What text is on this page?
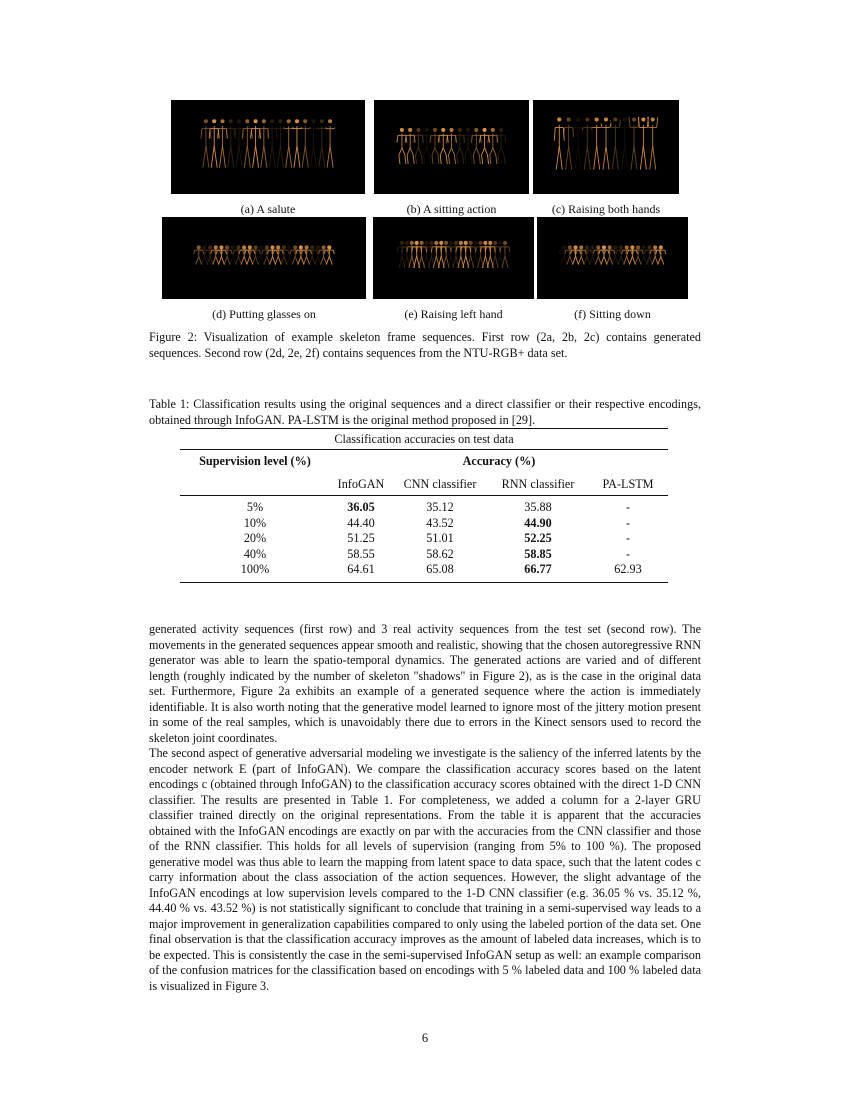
(a) A salute	(b) A sitting action	(c) Raising both hands
(d) Putting glasses on	(e) Raising left hand	(f) Sitting down
Figure 2: Visualization of example skeleton frame sequences. First row (2a, 2b, 2c) contains generated sequences. Second row (2d, 2e, 2f) contains sequences from the NTU-RGB+ data set.
Table 1: Classification results using the original sequences and a direct classifier or their respective encodings, obtained through InfoGAN. PA-LSTM is the original method proposed in [29].
Classification accuracies on test data
Supervision level (%)	Accuracy (%)			
	InfoGAN	CNN classifier	RNN classifier	PA-LSTM
5%	36.05	35.12	35.88	-
10%	44.40	43.52	44.90	-
20%	51.25	51.01	52.25	-
40%	58.55	58.62	58.85	-
100%	64.61	65.08	66.77	62.93
generated activity sequences (first row) and 3 real activity sequences from the test set (second row). The movements in the generated sequences appear smooth and realistic, showing that the chosen autoregressive RNN generator was able to learn the spatio-temporal dynamics. The generated actions are varied and of different length (roughly indicated by the number of skeleton "shadows" in Figure 2), as is the case in the original data set. Furthermore, Figure 2a exhibits an example of a generated sequence where the action is immediately identifiable. It is also worth noting that the generative model learned to ignore most of the jittery motion present in some of the real samples, which is unavoidably there due to errors in the Kinect sensors used to record the skeleton joint coordinates.
The second aspect of generative adversarial modeling we investigate is the saliency of the inferred latents by the encoder network E (part of InfoGAN). We compare the classification accuracy scores based on the latent encodings c (obtained through InfoGAN) to the classification accuracy scores obtained with the direct 1-D CNN classifier. The results are presented in Table 1. For completeness, we added a column for a 2-layer GRU classifier trained directly on the original representations. From the table it is apparent that the accuracies obtained with the InfoGAN encodings are exactly on par with the accuracies from the CNN classifier and those of the RNN classifier. This holds for all levels of supervision (ranging from 5% to 100 %). The proposed generative model was thus able to learn the mapping from latent space to data space, such that the latent codes c carry information about the class association of the action sequences. However, the slight advantage of the InfoGAN encodings at low supervision levels compared to the 1-D CNN classifier (e.g. 36.05 % vs. 35.12 %, 44.40 % vs. 43.52 %) is not statistically significant to conclude that training in a semi-supervised way leads to a major improvement in generalization capabilities compared to only using the labeled portion of the data set. One final observation is that the classification accuracy improves as the amount of labeled data increases, which is to be expected. This is consistently the case in the semi-supervised InfoGAN setup as well: an example comparison of the confusion matrices for the classification based on encodings with 5 % labeled data and 100 % labeled data is visualized in Figure 3.
6
